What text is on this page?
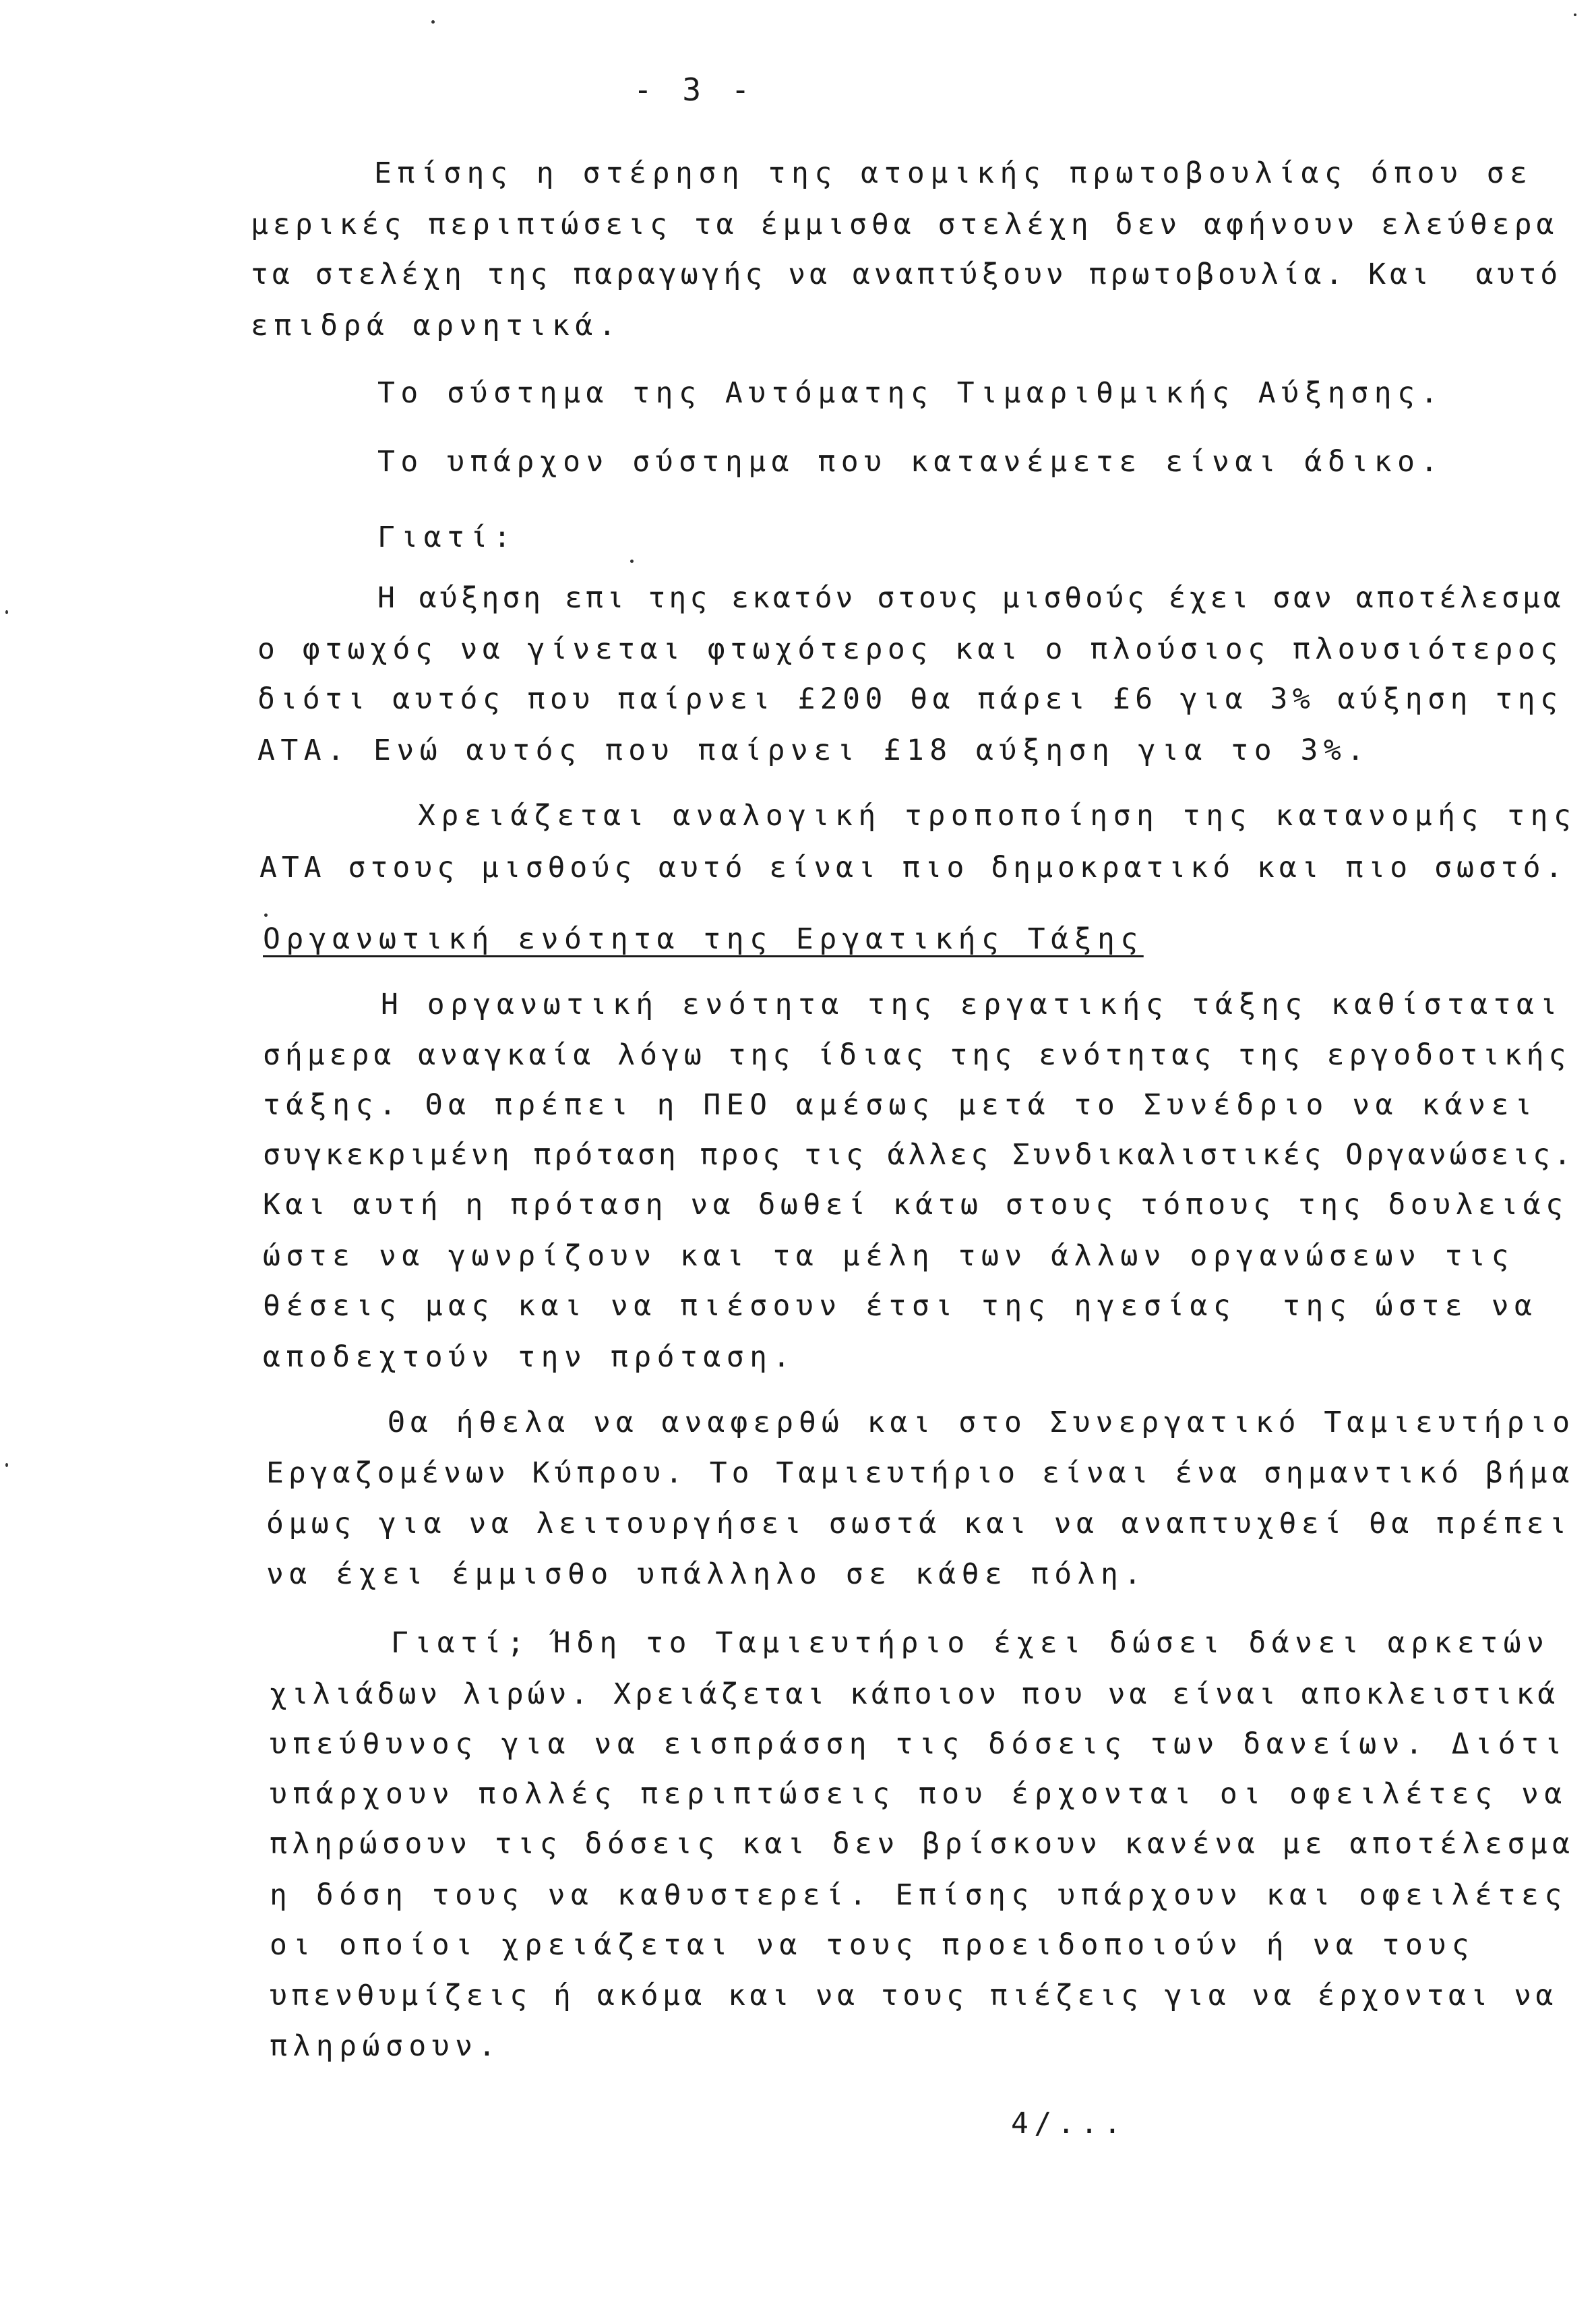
- 3 -
Επίσης η στέρηση της ατομικής πρωτοβουλίας όπου σε
μερικές περιπτώσεις τα έμμισθα στελέχη δεν αφήνουν ελεύθερα
τα στελέχη της παραγωγής να αναπτύξουν πρωτοβουλία. Και  αυτό
επιδρά αρνητικά.
Το σύστημα της Αυτόματης Τιμαριθμικής Αύξησης.
Το υπάρχον σύστημα που κατανέμετε είναι άδικο.
Γιατί:
Η αύξηση επι της εκατόν στους μισθούς έχει σαν αποτέλεσμα
ο φτωχός να γίνεται φτωχότερος και ο πλούσιος πλουσιότερος
διότι αυτός που παίρνει £200 θα πάρει £6 για 3% αύξηση της
ΑΤΑ. Ενώ αυτός που παίρνει £18 αύξηση για το 3%.
Χρειάζεται αναλογική τροποποίηση της κατανομής της
ΑΤΑ στους μισθούς αυτό είναι πιο δημοκρατικό και πιο σωστό.
Οργανωτική ενότητα της Εργατικής Τάξης
Η οργανωτική ενότητα της εργατικής τάξης καθίσταται
σήμερα αναγκαία λόγω της ίδιας της ενότητας της εργοδοτικής
τάξης. Θα πρέπει η ΠΕΟ αμέσως μετά το Συνέδριο να κάνει
συγκεκριμένη πρόταση προς τις άλλες Συνδικαλιστικές Οργανώσεις.
Και αυτή η πρόταση να δωθεί κάτω στους τόπους της δουλειάς
ώστε να γωνρίζουν και τα μέλη των άλλων οργανώσεων τις
θέσεις μας και να πιέσουν έτσι της ηγεσίας  της ώστε να
αποδεχτούν την πρόταση.
Θα ήθελα να αναφερθώ και στο Συνεργατικό Ταμιευτήριο
Εργαζομένων Κύπρου. Το Ταμιευτήριο είναι ένα σημαντικό βήμα
όμως για να λειτουργήσει σωστά και να αναπτυχθεί θα πρέπει
να έχει έμμισθο υπάλληλο σε κάθε πόλη.
Γιατί; Ήδη το Ταμιευτήριο έχει δώσει δάνει αρκετών
χιλιάδων λιρών. Χρειάζεται κάποιον που να είναι αποκλειστικά
υπεύθυνος για να εισπράσση τις δόσεις των δανείων. Διότι
υπάρχουν πολλές περιπτώσεις που έρχονται οι οφειλέτες να
πληρώσουν τις δόσεις και δεν βρίσκουν κανένα με αποτέλεσμα
η δόση τους να καθυστερεί. Επίσης υπάρχουν και οφειλέτες
οι οποίοι χρειάζεται να τους προειδοποιούν ή να τους
υπενθυμίζεις ή ακόμα και να τους πιέζεις για να έρχονται να
πληρώσουν.
4/...
